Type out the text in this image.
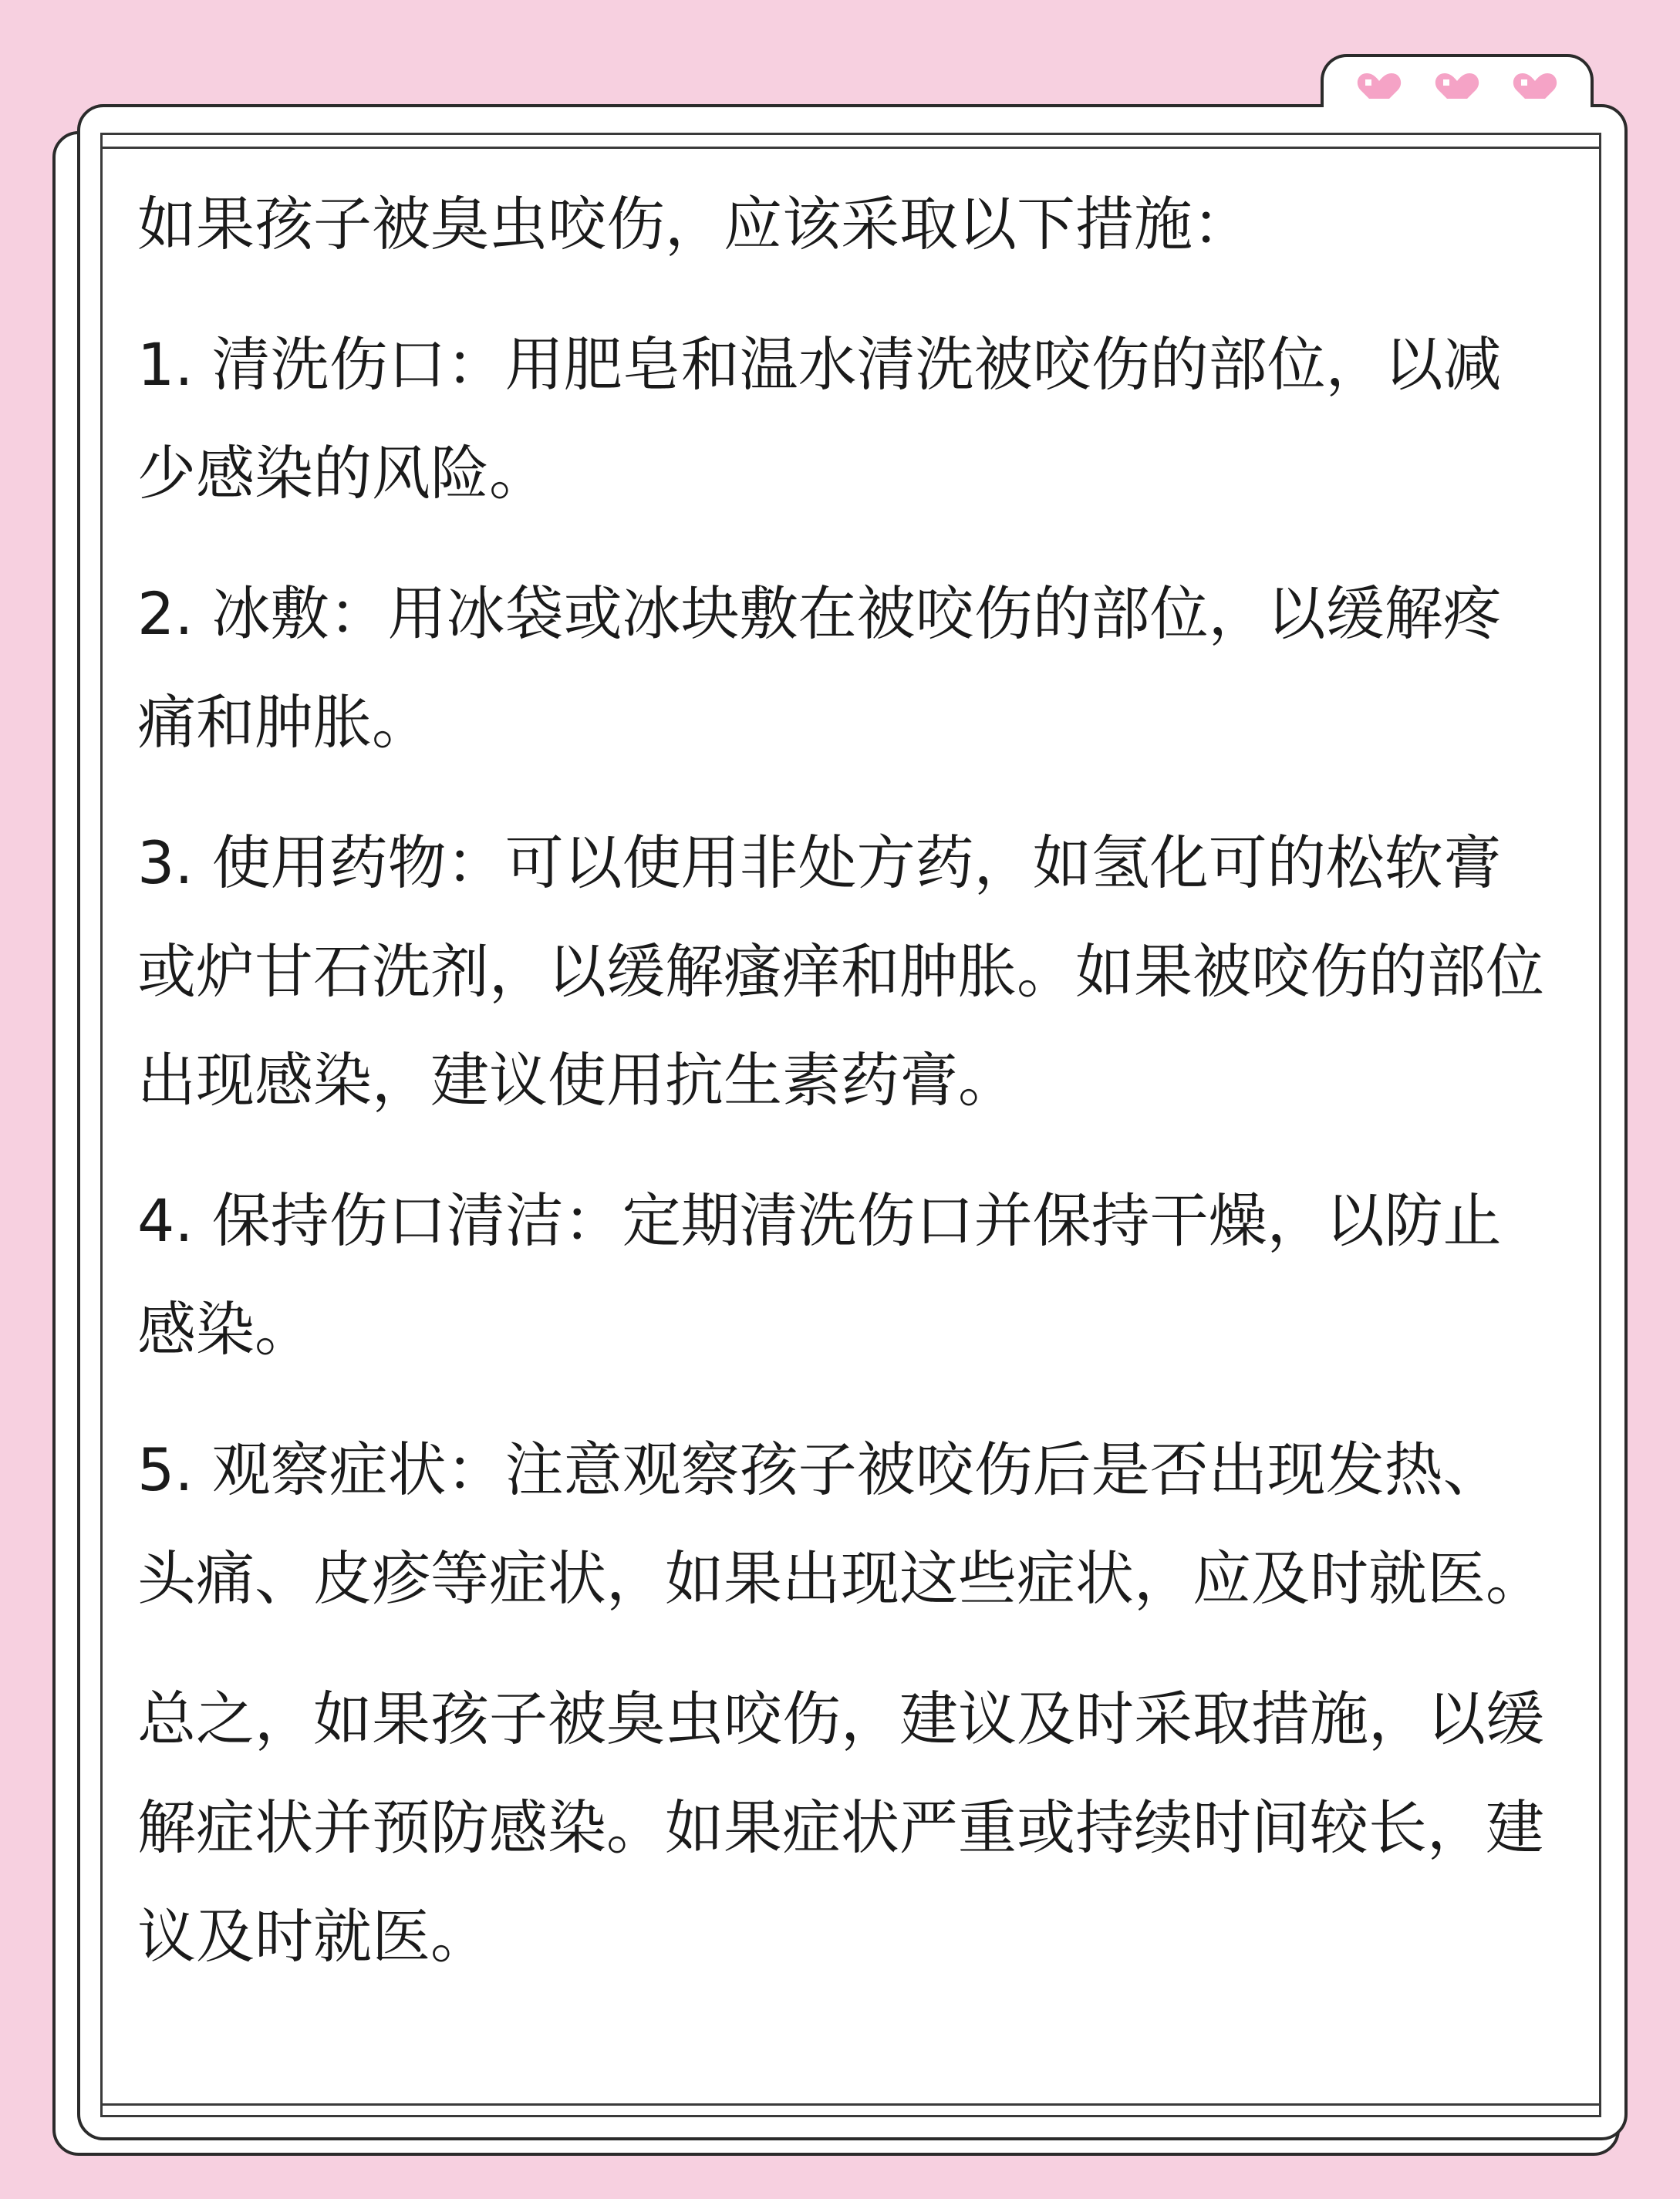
如果孩子被臭虫咬伤，应该采取以下措施：

1. 清洗伤口：用肥皂和温水清洗被咬伤的部位，以减少感染的风险。

2. 冰敷：用冰袋或冰块敷在被咬伤的部位，以缓解疼痛和肿胀。

3. 使用药物：可以使用非处方药，如氢化可的松软膏或炉甘石洗剂，以缓解瘙痒和肿胀。如果被咬伤的部位出现感染，建议使用抗生素药膏。

4. 保持伤口清洁：定期清洗伤口并保持干燥，以防止感染。

5. 观察症状：注意观察孩子被咬伤后是否出现发热、头痛、皮疹等症状，如果出现这些症状，应及时就医。

总之，如果孩子被臭虫咬伤，建议及时采取措施，以缓解症状并预防感染。如果症状严重或持续时间较长，建议及时就医。
